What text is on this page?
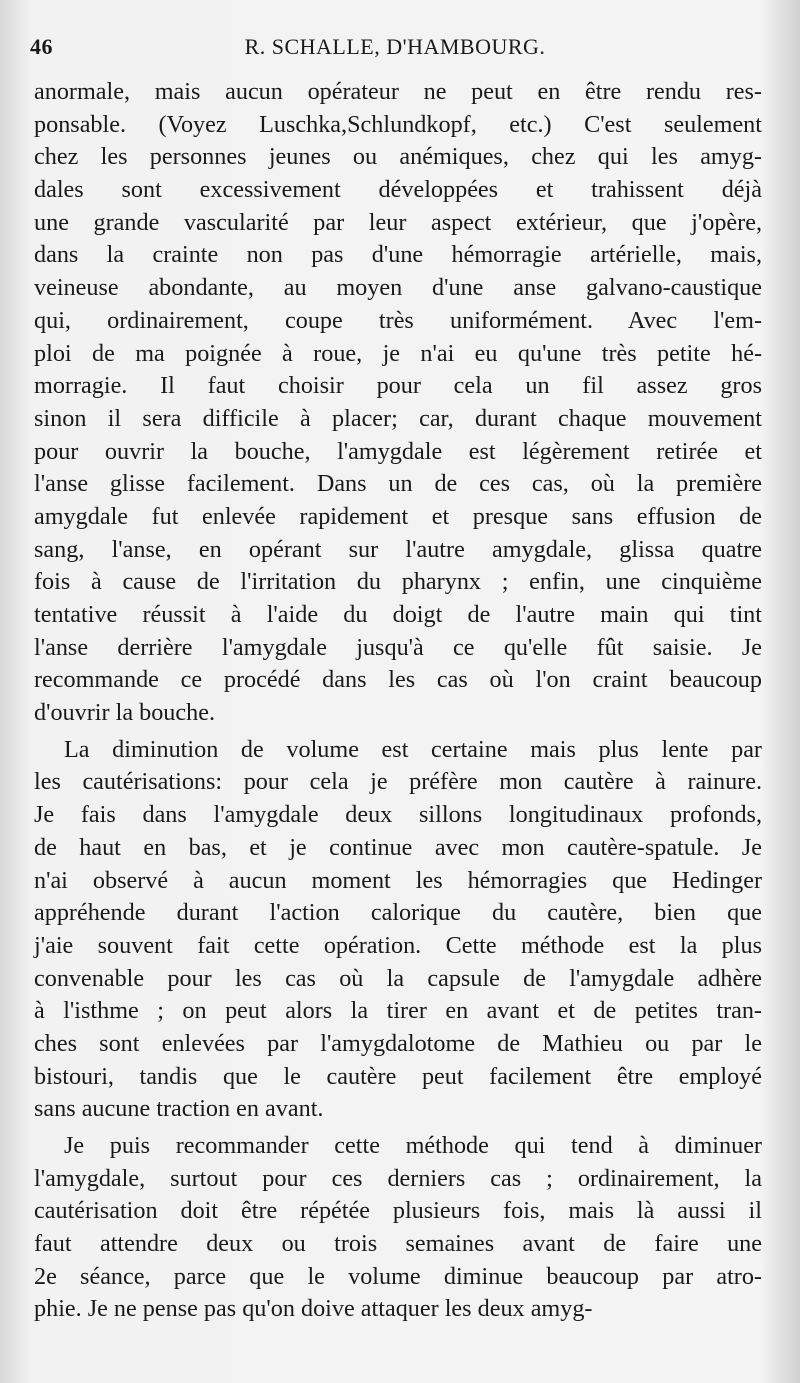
46	R. SCHALLE, D'HAMBOURG.
anormale, mais aucun opérateur ne peut en être rendu res-
ponsable. (Voyez Luschka,Schlundkopf, etc.) C'est seulement
chez les personnes jeunes ou anémiques, chez qui les amyg-
dales sont excessivement développées et trahissent déjà
une grande vascularité par leur aspect extérieur, que j'opère,
dans la crainte non pas d'une hémorragie artérielle, mais,
veineuse abondante, au moyen d'une anse galvano-caustique
qui, ordinairement, coupe très uniformément. Avec l'em-
ploi de ma poignée à roue, je n'ai eu qu'une très petite hé-
morragie. Il faut choisir pour cela un fil assez gros
sinon il sera difficile à placer; car, durant chaque mouvement
pour ouvrir la bouche, l'amygdale est légèrement retirée et
l'anse glisse facilement. Dans un de ces cas, où la première
amygdale fut enlevée rapidement et presque sans effusion de
sang, l'anse, en opérant sur l'autre amygdale, glissa quatre
fois à cause de l'irritation du pharynx ; enfin, une cinquième
tentative réussit à l'aide du doigt de l'autre main qui tint
l'anse derrière l'amygdale jusqu'à ce qu'elle fût saisie. Je
recommande ce procédé dans les cas où l'on craint beaucoup
d'ouvrir la bouche.
La diminution de volume est certaine mais plus lente par
les cautérisations: pour cela je préfère mon cautère à rainure.
Je fais dans l'amygdale deux sillons longitudinaux profonds,
de haut en bas, et je continue avec mon cautère-spatule. Je
n'ai observé à aucun moment les hémorragies que Hedinger
appréhende durant l'action calorique du cautère, bien que
j'aie souvent fait cette opération. Cette méthode est la plus
convenable pour les cas où la capsule de l'amygdale adhère
à l'isthme ; on peut alors la tirer en avant et de petites tran-
ches sont enlevées par l'amygdalotome de Mathieu ou par le
bistouri, tandis que le cautère peut facilement être employé
sans aucune traction en avant.
Je puis recommander cette méthode qui tend à diminuer
l'amygdale, surtout pour ces derniers cas ; ordinairement, la
cautérisation doit être répétée plusieurs fois, mais là aussi il
faut attendre deux ou trois semaines avant de faire une
2e séance, parce que le volume diminue beaucoup par atro-
phie. Je ne pense pas qu'on doive attaquer les deux amyg-
